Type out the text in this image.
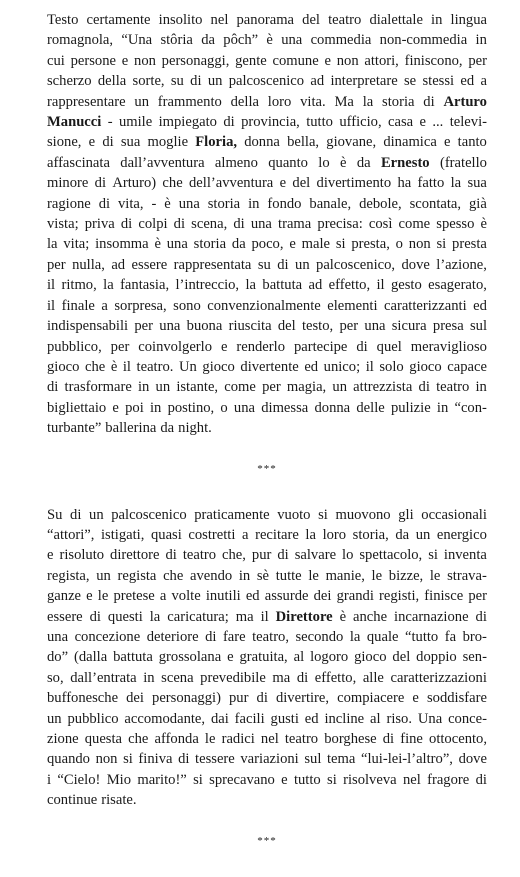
Testo certamente insolito nel panorama del teatro dialettale in lingua
romagnola, “Una stôria da pôch” è una commedia non-commedia in
cui persone e non personaggi, gente comune e non attori, finiscono, per
scherzo della sorte, su di un palcoscenico ad interpretare se stessi ed a
rappresentare un frammento della loro vita. Ma la storia di Arturo
Manucci - umile impiegato di provincia, tutto ufficio, casa e ... televi-
sione, e di sua moglie Floria, donna bella, giovane, dinamica e tanto
affascinata dall’avventura almeno quanto lo è da Ernesto (fratello
minore di Arturo) che dell’avventura e del divertimento ha fatto la sua
ragione di vita, - è una storia in fondo banale, debole, scontata, già
vista; priva di colpi di scena, di una trama precisa: così come spesso è
la vita; insomma è una storia da poco, e male si presta, o non si presta
per nulla, ad essere rappresentata su di un palcoscenico, dove l’azione,
il ritmo, la fantasia, l’intreccio, la battuta ad effetto, il gesto esagerato,
il finale a sorpresa, sono convenzionalmente elementi caratterizzanti ed
indispensabili per una buona riuscita del testo, per una sicura presa sul
pubblico, per coinvolgerlo e renderlo partecipe di quel meraviglioso
gioco che è il teatro. Un gioco divertente ed unico; il solo gioco capace
di trasformare in un istante, come per magia, un attrezzista di teatro in
bigliettaio e poi in postino, o una dimessa donna delle pulizie in “con-
turbante” ballerina da night.
***
Su di un palcoscenico praticamente vuoto si muovono gli occasionali
“attori”, istigati, quasi costretti a recitare la loro storia, da un energico
e risoluto direttore di teatro che, pur di salvare lo spettacolo, si inventa
regista, un regista che avendo in sè tutte le manie, le bizze, le strava-
ganze e le pretese a volte inutili ed assurde dei grandi registi, finisce per
essere di questi la caricatura; ma il Direttore è anche incarnazione di
una concezione deteriore di fare teatro, secondo la quale “tutto fa bro-
do” (dalla battuta grossolana e gratuita, al logoro gioco del doppio sen-
so, dall’entrata in scena prevedibile ma di effetto, alle caratterizzazioni
buffonesche dei personaggi) pur di divertire, compiacere e soddisfare
un pubblico accomodante, dai facili gusti ed incline al riso. Una conce-
zione questa che affonda le radici nel teatro borghese di fine ottocento,
quando non si finiva di tessere variazioni sul tema “lui-lei-l’altro”, dove
i “Cielo! Mio marito!” si sprecavano e tutto si risolveva nel fragore di
continue risate.
***
